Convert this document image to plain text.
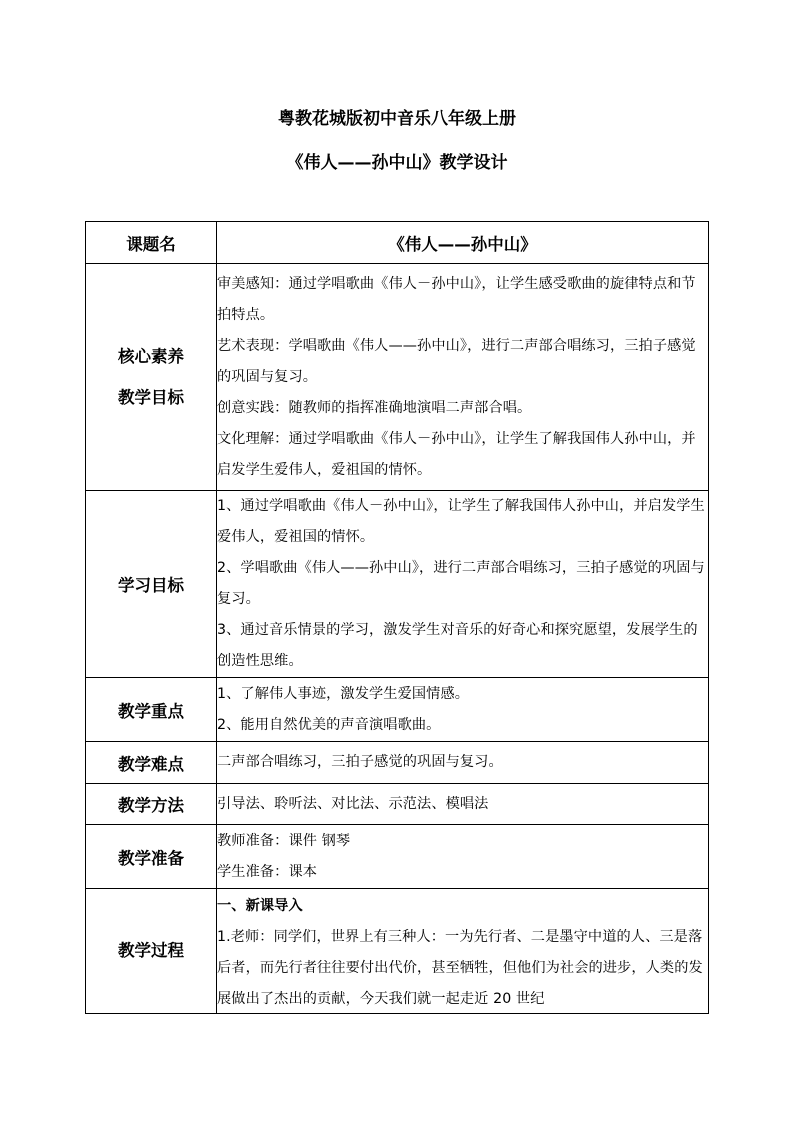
粤教花城版初中音乐八年级上册
《伟人——孙中山》教学设计
课题名	《伟人——孙中山》

核心素养
教学目标	审美感知：通过学唱歌曲《伟人－孙中山》，让学生感受歌曲的旋律特点和节拍特点。
艺术表现：学唱歌曲《伟人——孙中山》，进行二声部合唱练习，三拍子感觉的巩固与复习。
创意实践：随教师的指挥准确地演唱二声部合唱。
文化理解：通过学唱歌曲《伟人－孙中山》，让学生了解我国伟人孙中山，并启发学生爱伟人，爱祖国的情怀。

学习目标	1、通过学唱歌曲《伟人－孙中山》，让学生了解我国伟人孙中山，并启发学生爱伟人，爱祖国的情怀。
2、学唱歌曲《伟人——孙中山》，进行二声部合唱练习，三拍子感觉的巩固与复习。
3、通过音乐情景的学习，激发学生对音乐的好奇心和探究愿望，发展学生的创造性思维。

教学重点	1、了解伟人事迹，激发学生爱国情感。
2、能用自然优美的声音演唱歌曲。

教学难点	二声部合唱练习，三拍子感觉的巩固与复习。
教学方法	引导法、聆听法、对比法、示范法、模唱法
教学准备	教师准备：课件 钢琴
学生准备：课本

教学过程	一、新课导入
1.老师：同学们，世界上有三种人：一为先行者、二是墨守中道的人、三是落后者，而先行者往往要付出代价，甚至牺牲，但他们为社会的进步，人类的发展做出了杰出的贡献，今天我们就一起走近 20 世纪
